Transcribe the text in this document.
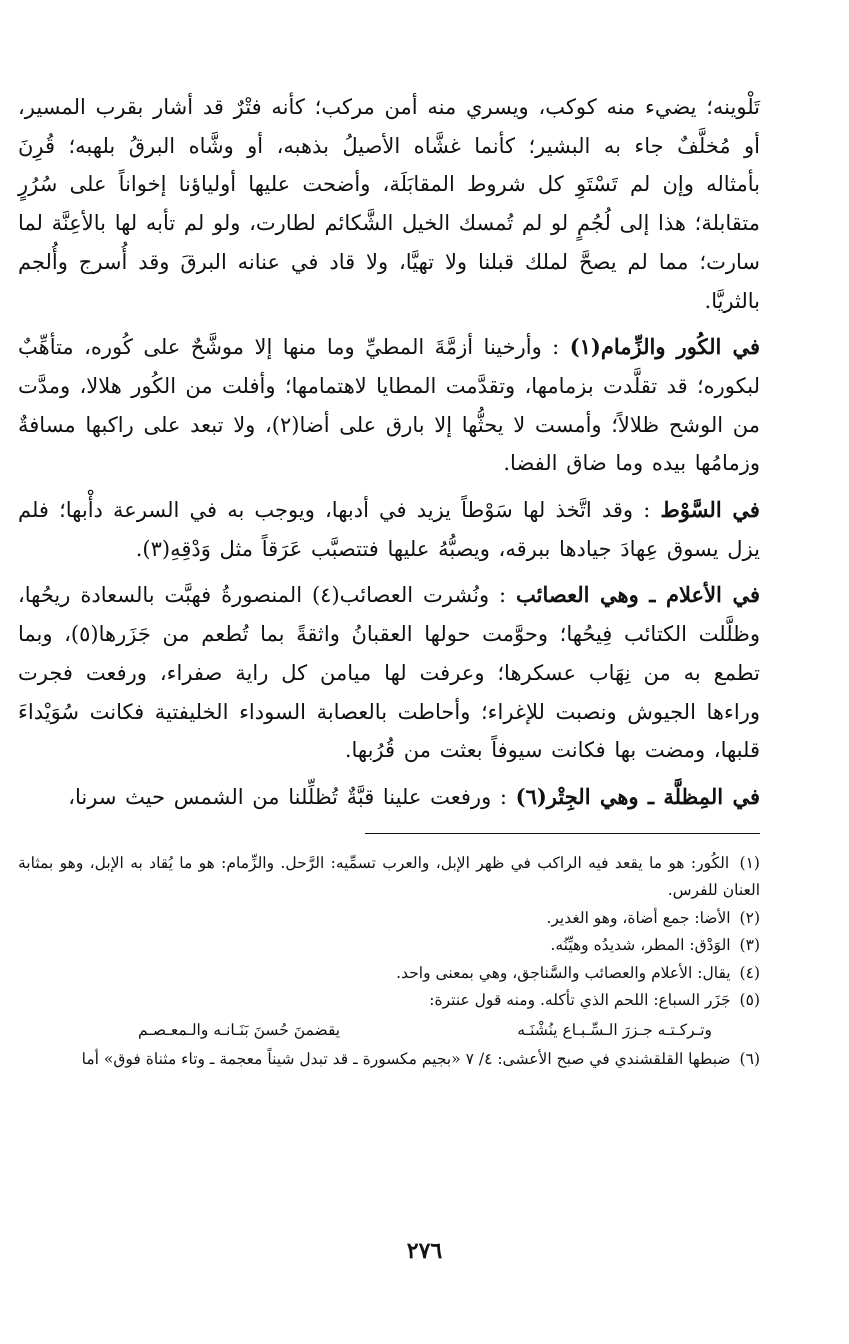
تَلْوينه؛ يضيء منه كوكب، ويسري منه أمن مركب؛ كأنه فتْرٌ قد أشار بقرب المسير، أو مُخلَّفٌ جاء به البشير؛ كأنما غشَّاه الأصيلُ بذهبه، أو وشَّاه البرقُ بلهبه؛ قُرِنَ بأمثاله وإن لم تَسْتَوِ كل شروط المقابَلَة، وأضحت عليها أولياؤنا إخواناً على سُرُرٍ متقابلة؛ هذا إلى لُجُمٍ لو لم تُمسك الخيل الشَّكائم لطارت، ولو لم تأبه لها بالأعِنَّة لما سارت؛ مما لم يصحَّ لملك قبلنا ولا تهيَّا، ولا قاد في عنانه البرقَ وقد أُسرج وأُلجم بالثريَّا.

في الكُور والزِّمام(١) : وأرخينا أزمَّةَ المطيِّ وما منها إلا موشَّحٌ على كُوره، متأهِّبٌ لبكوره؛ قد تقلَّدت بزمامها، وتقدَّمت المطايا لاهتمامها؛ وأفلت من الكُور هلالا، ومدَّت من الوشح ظلالاً؛ وأمست لا يحثُّها إلا بارق على أضا(٢)، ولا تبعد على راكبها مسافةٌ وزمامُها بيده وما ضاق الفضا.

في السَّوْط : وقد اتَّخذ لها سَوْطاً يزيد في أدبها، ويوجب به في السرعة دأْبها؛ فلم يزل يسوق عِهادَ جيادها ببرقه، ويصبُّهُ عليها فتتصبَّب عَرَقاً مثل وَدْقِهِ(٣).

في الأعلام ـ وهي العصائب : ونُشرت العصائب(٤) المنصورةُ فهبَّت بالسعادة ريحُها، وظلَّلت الكتائب فِيحُها؛ وحوَّمت حولها العقبانُ واثقةً بما تُطعم من جَزَرها(٥)، وبما تطمع به من نِهَاب عسكرها؛ وعرفت لها ميامن كل راية صفراء، ورفعت فجرت وراءها الجيوش ونصبت للإغراء؛ وأحاطت بالعصابة السوداء الخليفتية فكانت سُوَيْداءَ قلبها، ومضت بها فكانت سيوفاً بعثت من قُرُبها.

في المِظلَّة ـ وهي الجِتْر(٦) : ورفعت علينا قبَّةٌ تُظلِّلنا من الشمس حيث سرنا،

(١) الكُور: هو ما يقعد فيه الراكب في ظهر الإبل، والعرب تسمِّيه: الرَّحل. والزِّمام: هو ما يُقاد به الإبل، وهو بمثابة العنان للفرس.

(٢) الأضا: جمع أضاة، وهو الغدير.

(٣) الوَدْق: المطر، شديدُه وهيِّنُه.

(٤) يقال: الأعلام والعصائب والسَّناجق، وهي بمعنى واحد.

(٥) جَزَر السباع: اللحم الذي تأكله. ومنه قول عنترة:

وتـركـتـه جـزرَ الـسِّـبـاع ينُشْنَـه
يقضمنَ حُسنَ بَنَـانـه والـمعـصـم

(٦) ضبطها القلقشندي في صبح الأعشى: ٤/ ٧ «بجيم مكسورة ـ قد تبدل شيناً معجمة ـ وتاء مثناة فوق» أما

٢٧٦
